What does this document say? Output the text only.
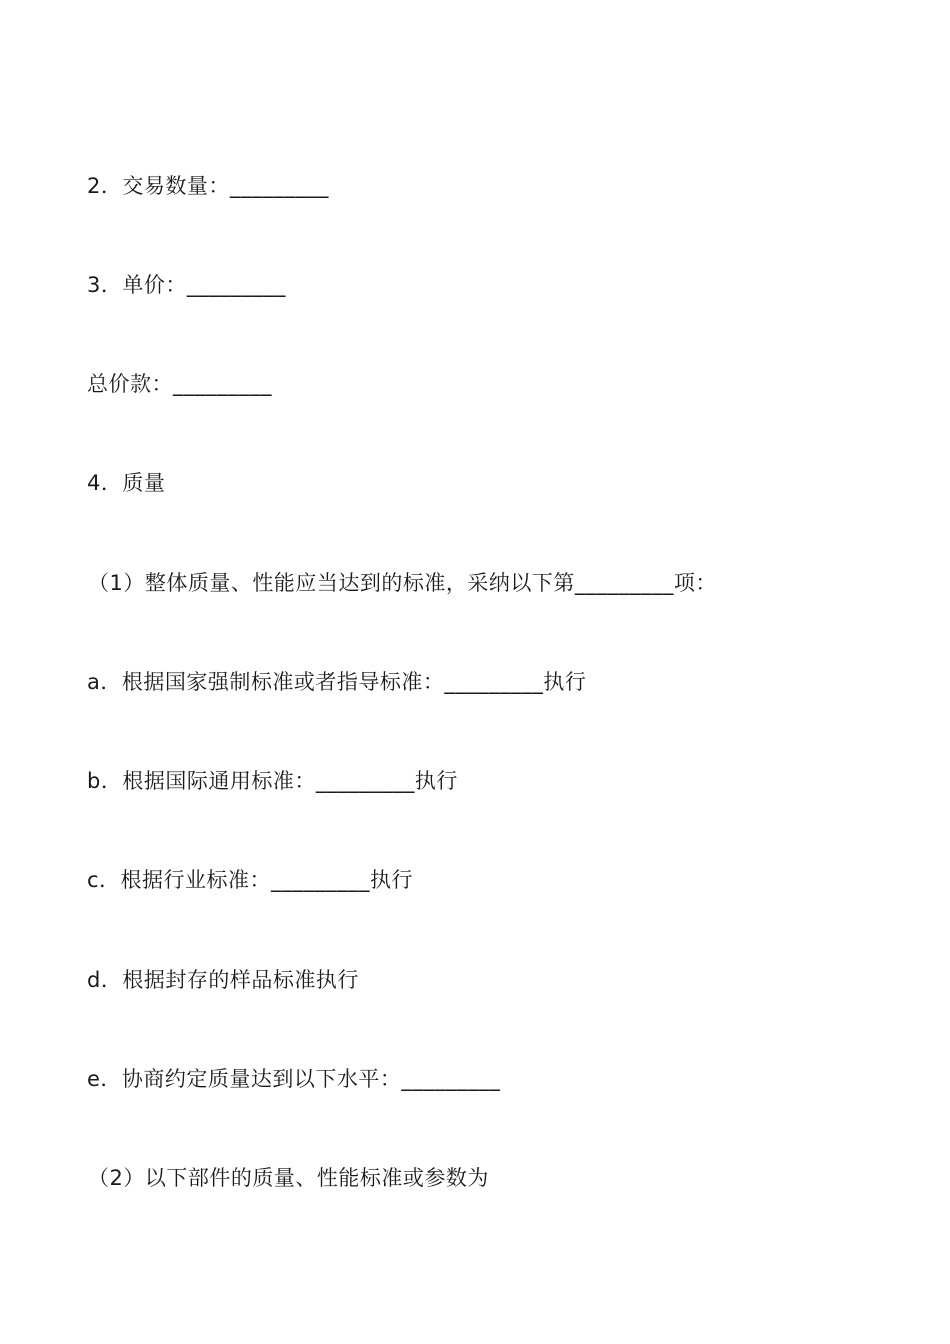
2．交易数量：_________
3．单价：_________
总价款：_________
4．质量
（1）整体质量、性能应当达到的标准，采纳以下第_________项：
a．根据国家强制标准或者指导标准：_________执行
b．根据国际通用标准：_________执行
c．根据行业标准：_________执行
d．根据封存的样品标准执行
e．协商约定质量达到以下水平：_________
（2）以下部件的质量、性能标准或参数为
